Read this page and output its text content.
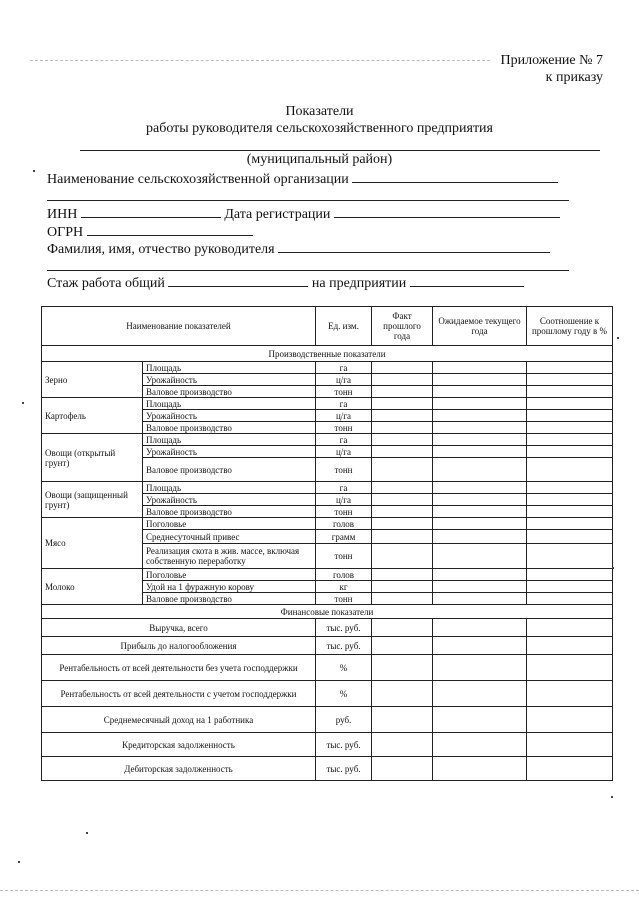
Приложение № 7
к приказу
Показатели
работы руководителя сельскохозяйственного предприятия
(муниципальный район)
Наименование сельскохозяйственной организации
ИНН	Дата регистрации
ОГРН
Фамилия, имя, отчество руководителя
Стаж работа общий	на предприятии
Наименование показателей		Ед. изм.	Факт прошлого года	Ожидаемое текущего года	Соотношение к прошлому году в %
Производственные показатели					
Зерно	Площадь	га			
	Урожайность	ц/га			
	Валовое производство	тонн			
Картофель	Площадь	га			
	Урожайность	ц/га			
	Валовое производство	тонн			
Овощи (открытый грунт)	Площадь	га			
	Урожайность	ц/га			
	Валовое производство	тонн			
Овощи (защищенный грунт)	Площадь	га			
	Урожайность	ц/га			
	Валовое производство	тонн			
Мясо	Поголовье	голов			
	Среднесуточный привес	грамм			
	Реализация скота в жив. массе, включая собственную переработку	тонн			
Молоко	Поголовье	голов			
	Удой на 1 фуражную корову	кг			
	Валовое производство	тонн			
Финансовые показатели					
Выручка, всего		тыс. руб.			
Прибыль до налогообложения		тыс. руб.			
Рентабельность от всей деятельности без учета господдержки		%			
Рентабельность от всей деятельности с учетом господдержки		%			
Среднемесячный доход на 1 работника		руб.			
Кредиторская задолженность		тыс. руб.			
Дебиторская задолженность		тыс. руб.			
